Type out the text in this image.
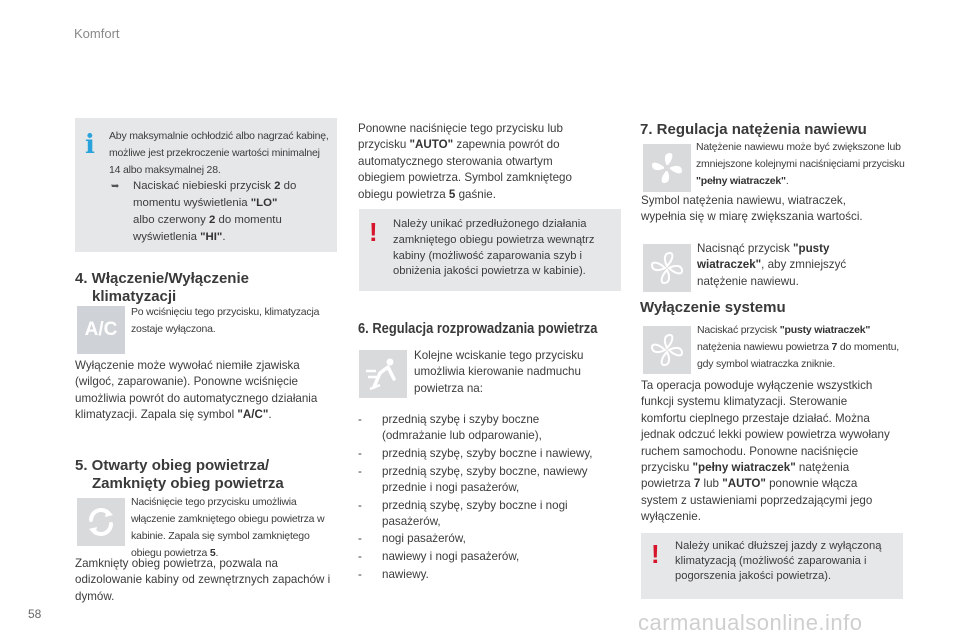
Komfort
58	carmanualsonline.info
i Aby maksymalnie ochłodzić albo nagrzać kabinę, możliwe jest przekroczenie wartości minimalnej 14 albo maksymalnej 28.
➥ Naciskać niebieski przycisk 2 do momentu wyświetlenia "LO"
albo czerwony 2 do momentu wyświetlenia "HI".
4. Włączenie/Wyłączenie
klimatyzacji
A/C
Po wciśnięciu tego przycisku, klimatyzacja zostaje wyłączona.
Wyłączenie może wywołać niemiłe zjawiska (wilgoć, zaparowanie). Ponowne wciśnięcie umożliwia powrót do automatycznego działania klimatyzacji. Zapala się symbol "A/C".
5. Otwarty obieg powietrza/
Zamknięty obieg powietrza
Naciśnięcie tego przycisku umożliwia włączenie zamkniętego obiegu powietrza w kabinie. Zapala się symbol zamkniętego obiegu powietrza 5.
Zamknięty obieg powietrza, pozwala na odizolowanie kabiny od zewnętrznych zapachów i dymów.
Ponowne naciśnięcie tego przycisku lub przycisku "AUTO" zapewnia powrót do automatycznego sterowania otwartym obiegiem powietrza. Symbol zamkniętego obiegu powietrza 5 gaśnie.
! Należy unikać przedłużonego działania zamkniętego obiegu powietrza wewnątrz kabiny (możliwość zaparowania szyb i obniżenia jakości powietrza w kabinie).
6. Regulacja rozprowadzania powietrza
Kolejne wciskanie tego przycisku umożliwia kierowanie nadmuchu powietrza na:
- przednią szybę i szyby boczne
(odmrażanie lub odparowanie),
- przednią szybę, szyby boczne i nawiewy,
- przednią szybę, szyby boczne, nawiewy
przednie i nogi pasażerów,
- przednią szybę, szyby boczne i nogi
pasażerów,
- nogi pasażerów,
- nawiewy i nogi pasażerów,
- nawiewy.
7. Regulacja natężenia nawiewu
Natężenie nawiewu może być zwiększone lub zmniejszone kolejnymi naciśnięciami przycisku "pełny wiatraczek".
Symbol natężenia nawiewu, wiatraczek, wypełnia się w miarę zwiększania wartości.
Nacisnąć przycisk "pusty wiatraczek", aby zmniejszyć natężenie nawiewu.
Wyłączenie systemu
Naciskać przycisk "pusty wiatraczek" natężenia nawiewu powietrza 7 do momentu, gdy symbol wiatraczka zniknie.
Ta operacja powoduje wyłączenie wszystkich funkcji systemu klimatyzacji. Sterowanie komfortu cieplnego przestaje działać. Można jednak odczuć lekki powiew powietrza wywołany ruchem samochodu. Ponowne naciśnięcie przycisku "pełny wiatraczek" natężenia powietrza 7 lub "AUTO" ponownie włącza system z ustawieniami poprzedzającymi jego wyłączenie.
! Należy unikać dłuższej jazdy z wyłączoną klimatyzacją (możliwość zaparowania i pogorszenia jakości powietrza).
